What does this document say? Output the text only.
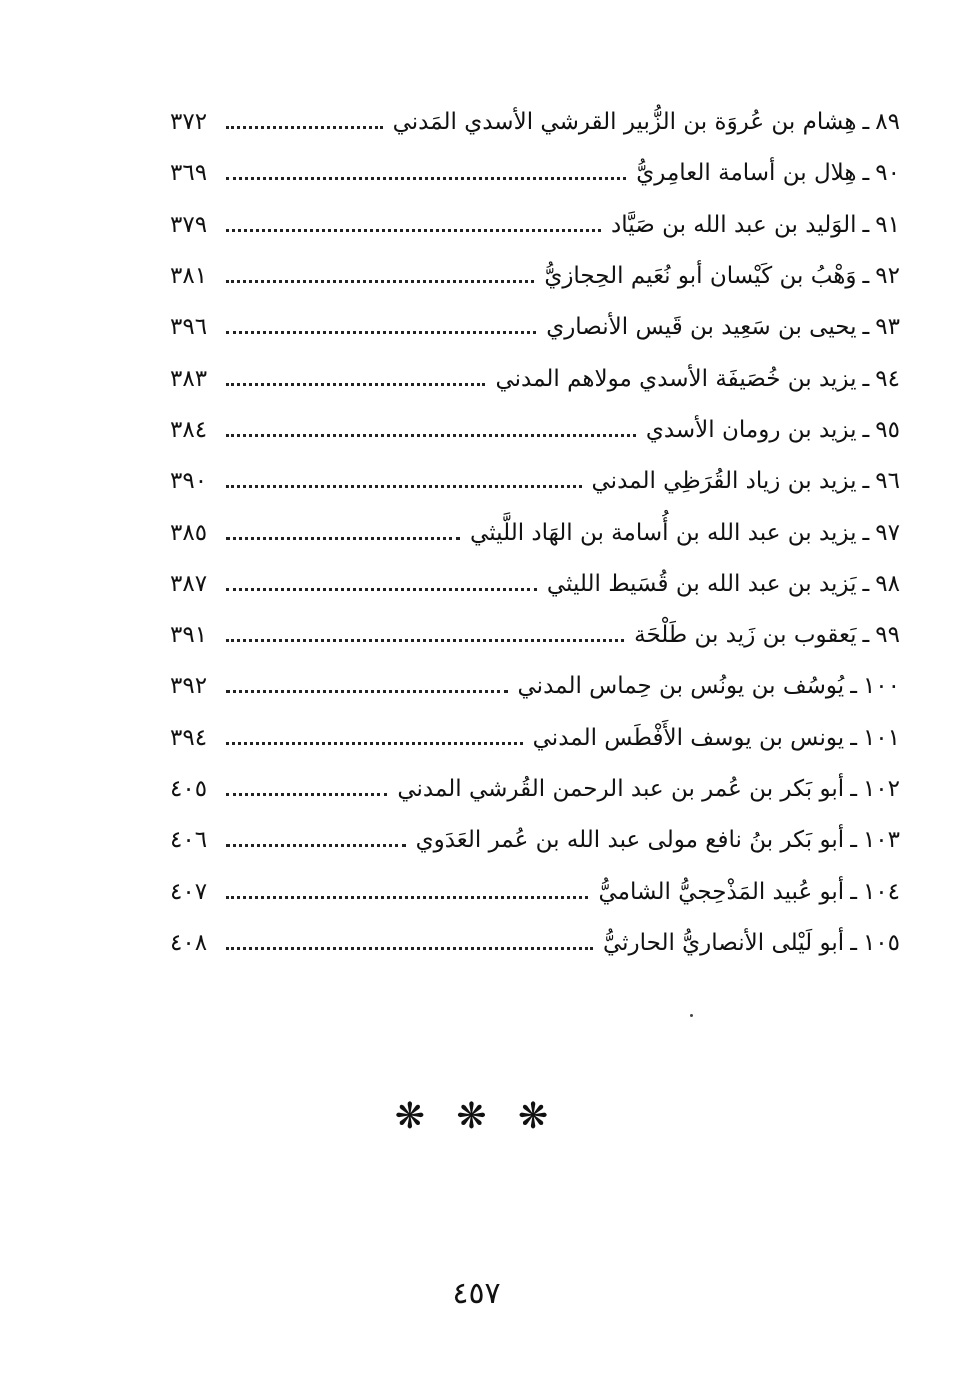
٨٩
ـ
هِشام بن عُروَة بن الزُّبير القرشي الأسدي المَدني
٣٧٢
٩٠
ـ
هِلال بن أسامة العامِريُّ
٣٦٩
٩١
ـ
الوَليد بن عبد الله بن صَيَّاد
٣٧٩
٩٢
ـ
وَهْبُ بن كَيْسان أبو نُعَيم الحِجازيُّ
٣٨١
٩٣
ـ
يحيى بن سَعِيد بن قَيس الأنصاري
٣٩٦
٩٤
ـ
يزيد بن خُصَيفَة الأسدي مولاهم المدني
٣٨٣
٩٥
ـ
يزيد بن رومان الأسدي
٣٨٤
٩٦
ـ
يزيد بن زياد القُرَظِي المدني
٣٩٠
٩٧
ـ
يزيد بن عبد الله بن أُسامة بن الهَاد اللَّيثي
٣٨٥
٩٨
ـ
يَزيد بن عبد الله بن قُسَيط الليثي
٣٨٧
٩٩
ـ
يَعقوب بن زَيد بن طَلْحَة
٣٩١
١٠٠
ـ
يُوسُف بن يونُس بن حِماس المدني
٣٩٢
١٠١
ـ
يونس بن يوسف الأَفْطَس المدني
٣٩٤
١٠٢
ـ
أبو بَكر بن عُمر بن عبد الرحمن القُرشي المدني
٤٠٥
١٠٣
ـ
أبو بَكر بنُ نافع مولى عبد الله بن عُمر العَدَوي
٤٠٦
١٠٤
ـ
أبو عُبيد المَذْحِجيُّ الشاميُّ
٤٠٧
١٠٥
ـ
أبو لَيْلى الأنصاريُّ الحارثيُّ
٤٠٨
❋ ❋ ❋
٤٥٧
